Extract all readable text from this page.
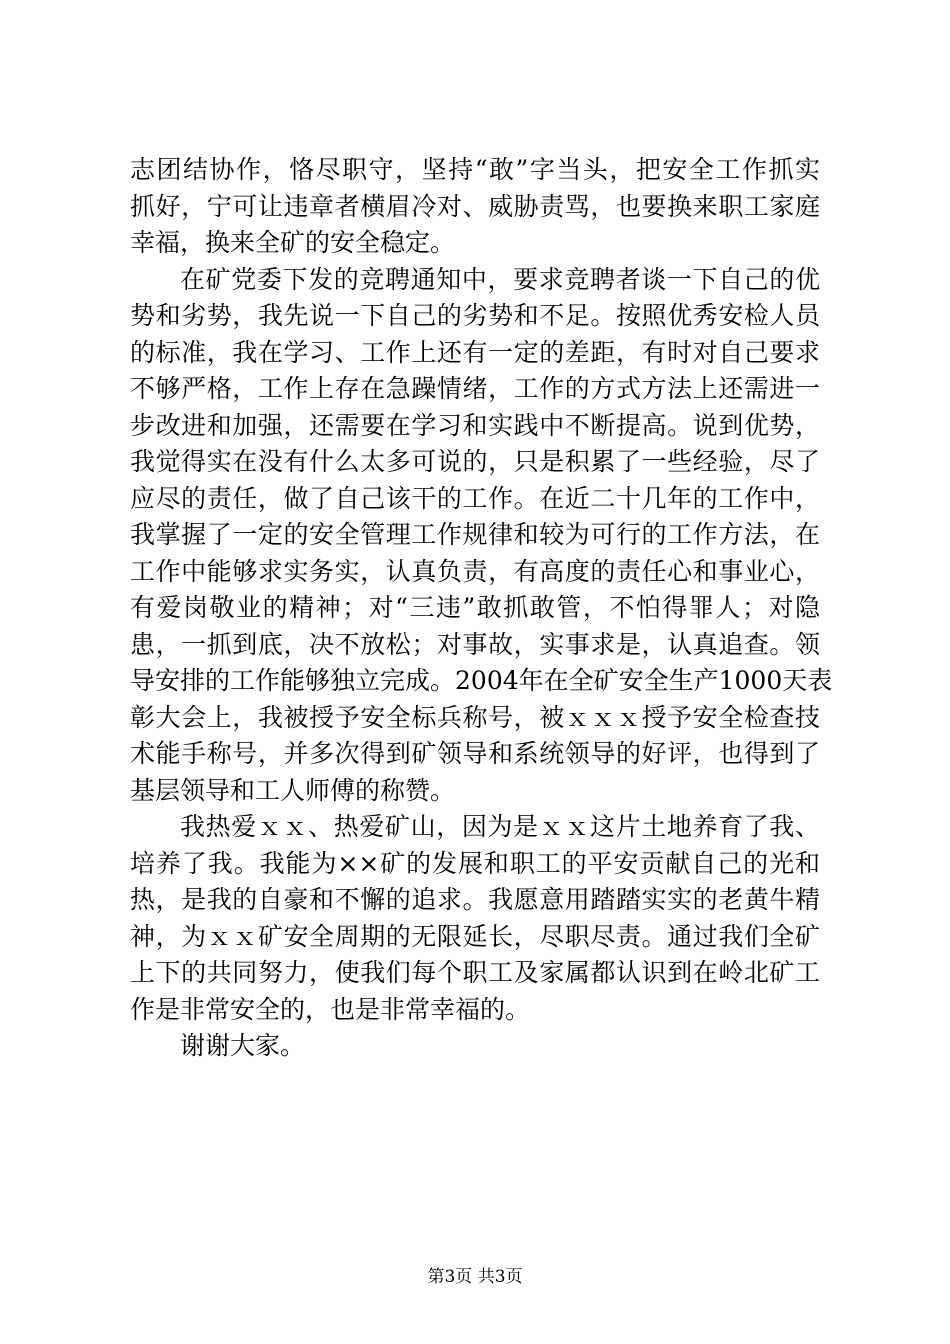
志团结协作，恪尽职守，坚持“敢”字当头，把安全工作抓实
抓好，宁可让违章者横眉冷对、威胁责骂，也要换来职工家庭
幸福，换来全矿的安全稳定。

在矿党委下发的竞聘通知中，要求竞聘者谈一下自己的优
势和劣势，我先说一下自己的劣势和不足。按照优秀安检人员
的标准，我在学习、工作上还有一定的差距，有时对自己要求
不够严格，工作上存在急躁情绪，工作的方式方法上还需进一
步改进和加强，还需要在学习和实践中不断提高。说到优势，
我觉得实在没有什么太多可说的，只是积累了一些经验，尽了
应尽的责任，做了自己该干的工作。在近二十几年的工作中，
我掌握了一定的安全管理工作规律和较为可行的工作方法，在
工作中能够求实务实，认真负责，有高度的责任心和事业心，
有爱岗敬业的精神；对“三违”敢抓敢管，不怕得罪人；对隐
患，一抓到底，决不放松；对事故，实事求是，认真追查。领
导安排的工作能够独立完成。2004年在全矿安全生产1000天表
彰大会上，我被授予安全标兵称号，被ｘｘｘ授予安全检查技
术能手称号，并多次得到矿领导和系统领导的好评，也得到了
基层领导和工人师傅的称赞。

我热爱ｘｘ、热爱矿山，因为是ｘｘ这片土地养育了我、
培养了我。我能为××矿的发展和职工的平安贡献自己的光和
热，是我的自豪和不懈的追求。我愿意用踏踏实实的老黄牛精
神，为ｘｘ矿安全周期的无限延长，尽职尽责。通过我们全矿
上下的共同努力，使我们每个职工及家属都认识到在岭北矿工
作是非常安全的，也是非常幸福的。

谢谢大家。

第3页 共3页
